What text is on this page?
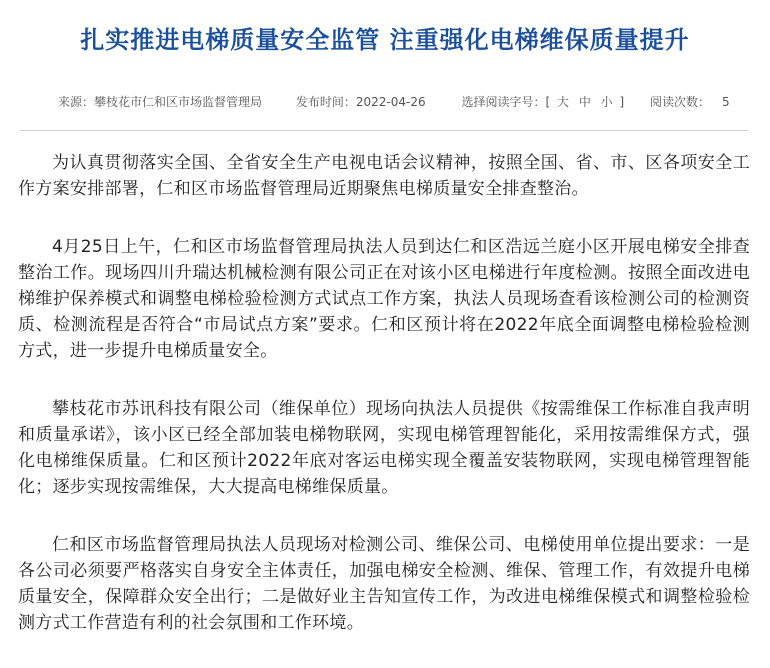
扎实推进电梯质量安全监管 注重强化电梯维保质量提升
来源：攀枝花市仁和区市场监督管理局	发布时间：2022-04-26	选择阅读字号：[ 大 中 小 ] 阅读次数： 5

为认真贯彻落实全国、全省安全生产电视电话会议精神，按照全国、省、市、区各项安全工作方案安排部署，仁和区市场监督管理局近期聚焦电梯质量安全排查整治。

4月25日上午，仁和区市场监督管理局执法人员到达仁和区浩远兰庭小区开展电梯安全排查整治工作。现场四川升瑞达机械检测有限公司正在对该小区电梯进行年度检测。按照全面改进电梯维护保养模式和调整电梯检验检测方式试点工作方案，执法人员现场查看该检测公司的检测资质、检测流程是否符合“市局试点方案”要求。仁和区预计将在2022年底全面调整电梯检验检测方式，进一步提升电梯质量安全。

攀枝花市苏讯科技有限公司（维保单位）现场向执法人员提供《按需维保工作标准自我声明和质量承诺》，该小区已经全部加装电梯物联网，实现电梯管理智能化，采用按需维保方式，强化电梯维保质量。仁和区预计2022年底对客运电梯实现全覆盖安装物联网，实现电梯管理智能化；逐步实现按需维保，大大提高电梯维保质量。

仁和区市场监督管理局执法人员现场对检测公司、维保公司、电梯使用单位提出要求：一是各公司必须要严格落实自身安全主体责任，加强电梯安全检测、维保、管理工作，有效提升电梯质量安全，保障群众安全出行；二是做好业主告知宣传工作，为改进电梯维保模式和调整检验检测方式工作营造有利的社会氛围和工作环境。
